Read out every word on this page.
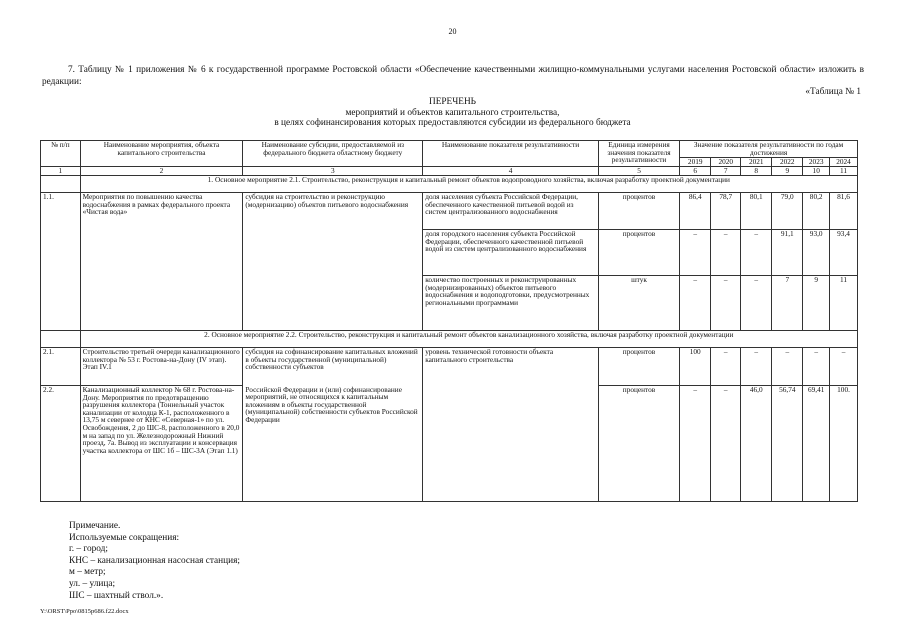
20
7. Таблицу № 1 приложения № 6 к государственной программе Ростовской области «Обеспечение качественными жилищно-коммунальными услугами населения Ростовской области» изложить в редакции:
«Таблица № 1
ПЕРЕЧЕНЬ
мероприятий и объектов капитального строительства,
в целях софинансирования которых предоставляются субсидии из федерального бюджета
№ п/п	Наименование мероприятия, объекта капитального строительства	Наименование субсидии, предоставляемой из федерального бюджета областному бюджету	Наименование показателя результативности	Единица измерения значения показателя результативности	Значение показателя результативности по годам достижения					
					2019	2020	2021	2022	2023	2024
1	2	3	4	5	6	7	8	9	10	11
	1. Основное мероприятие 2.1. Строительство, реконструкция и капитальный ремонт объектов водопроводного хозяйства, включая разработку проектной документации									
1.1.	Мероприятия по повышению качества водоснабжения в рамках федерального проекта «Чистая вода»	субсидия на строительство и реконструкцию (модернизацию) объектов питьевого водоснабжения	доля населения субъекта Российской Федерации, обеспеченного качественной питьевой водой из систем централизованного водоснабжения	процентов	86,4	78,7	80,1	79,0	80,2	81,6
			доля городского населения субъекта Российской Федерации, обеспеченного качественной питьевой водой из систем централизованного водоснабжения	процентов	–	–	–	91,1	93,0	93,4
			количество построенных и реконструированных (модернизированных) объектов питьевого водоснабжения и водоподготовки, предусмотренных региональными программами	штук	–	–	–	7	9	11
	2. Основное мероприятие 2.2. Строительство, реконструкция и капитальный ремонт объектов канализационного хозяйства, включая разработку проектной документации									
2.1.	Строительство третьей очереди канализационного коллектора № 53 г. Ростова-на-Дону (IV этап). Этап IV.1	субсидия на софинансирование капитальных вложений в объекты государственной (муниципальной) собственности субъектов	уровень технической готовности объекта капитального строительства	процентов	100	–	–	–	–	–
2.2.	Канализационный коллектор № 68 г. Ростова-на-Дону. Мероприятия по предотвращению разрушения коллектора (Тоннельный участок канализации от колодца К-1, расположенного в 13,75 м севернее от КНС «Северная-1» по ул. Освобождения, 2 до ШС-8, расположенного в 20,0 м на запад по ул. Железнодорожный Нижний проезд, 7а. Вывод из эксплуатации и консервация участка коллектора от ШС 1б – ШС-3А (Этап 1.1)	Российской Федерации и (или) софинансирование мероприятий, не относящихся к капитальным вложениям в объекты государственной (муниципальной) собственности субъектов Российской Федерации		процентов	–	–	46,0	56,74	69,41	100.
Примечание.
Используемые сокращения:
г. – город;
КНС – канализационная насосная станция;
м – метр;
ул. – улица;
ШС – шахтный ствол.».
Y:\ORST\Ppo\0815p686.f22.docx
